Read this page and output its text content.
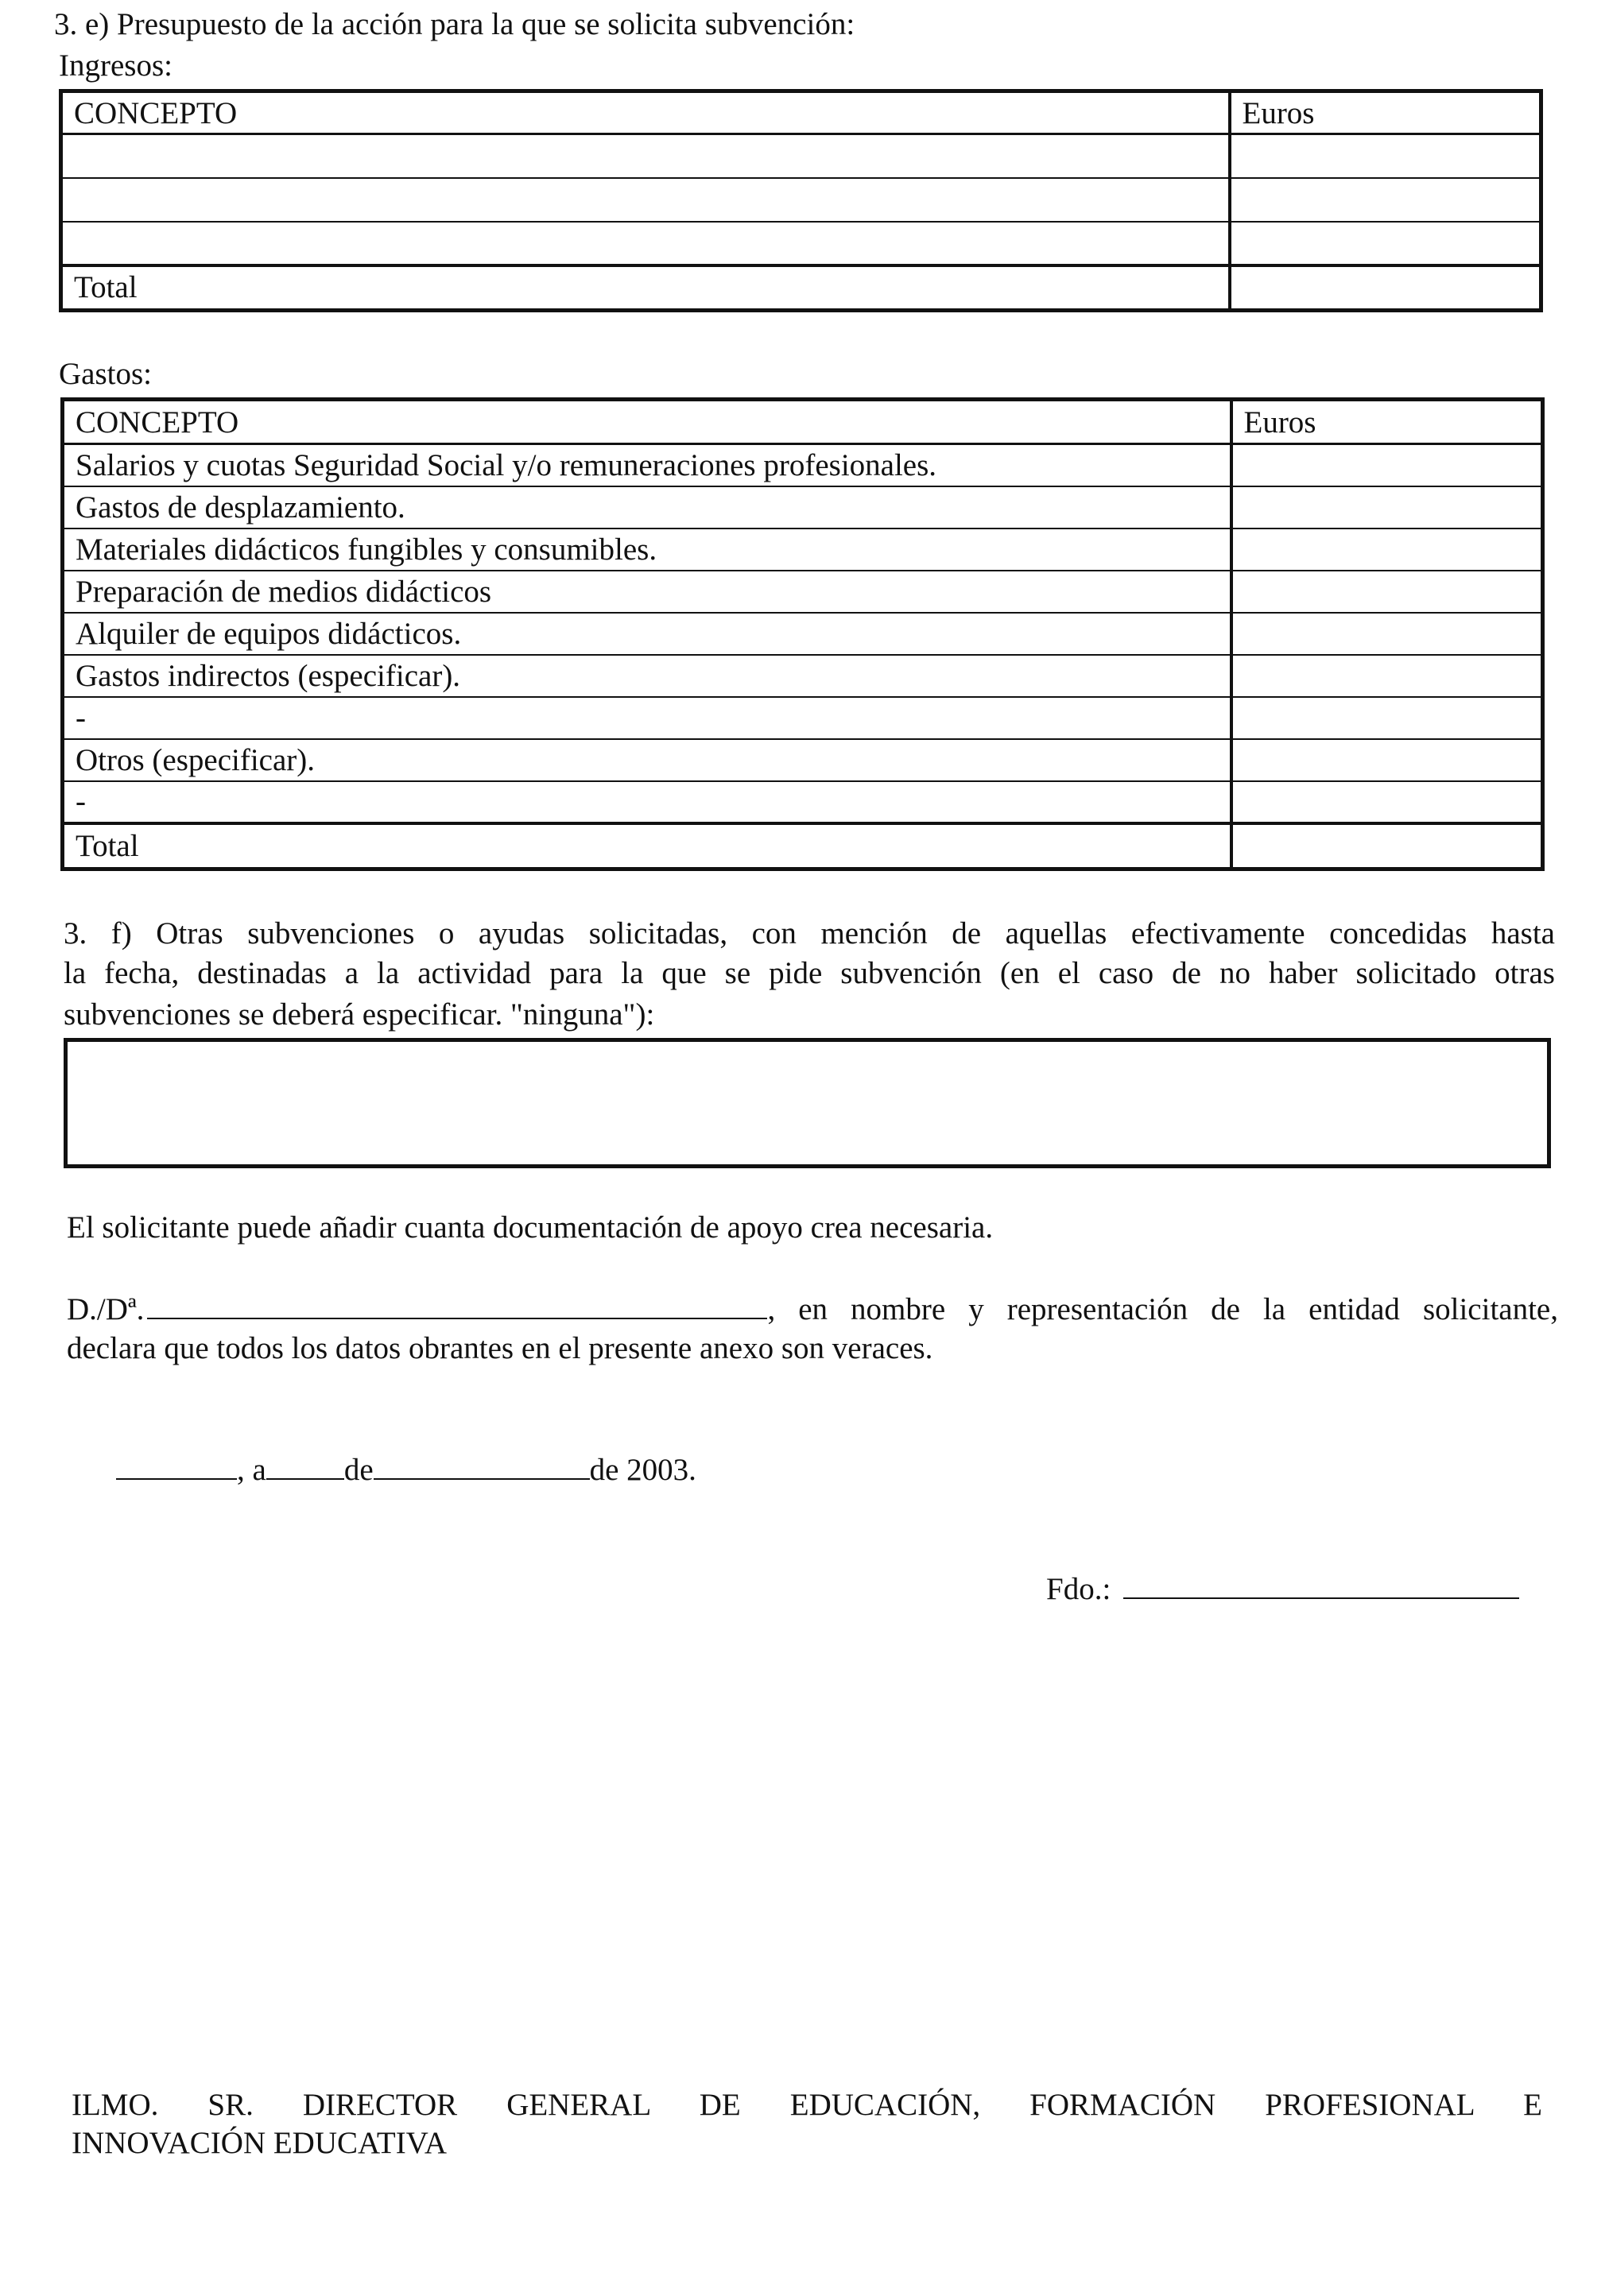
3. e) Presupuesto de la acción para la que se solicita subvención:
Ingresos:
CONCEPTO	Euros

Total	
Gastos:
CONCEPTO	Euros
Salarios y cuotas Seguridad Social y/o remuneraciones profesionales.	
Gastos de desplazamiento.	
Materiales didácticos fungibles y consumibles.	
Preparación de medios didácticos	
Alquiler de equipos didácticos.	
Gastos indirectos (especificar).	
-	
Otros (especificar).	
-	
Total	
3. f) Otras subvenciones o ayudas solicitadas, con mención de aquellas efectivamente concedidas hasta
la fecha, destinadas a la actividad para la que se pide subvención (en el caso de no haber solicitado otras
subvenciones se deberá especificar. "ninguna"):
El solicitante puede añadir cuanta documentación de apoyo crea necesaria.
D./Dª.	, en nombre y representación de la entidad solicitante,
declara que todos los datos obrantes en el presente anexo son veraces.
, a	de	de 2003.
Fdo.:
ILMO. SR. DIRECTOR GENERAL DE EDUCACIÓN, FORMACIÓN PROFESIONAL E
INNOVACIÓN EDUCATIVA
